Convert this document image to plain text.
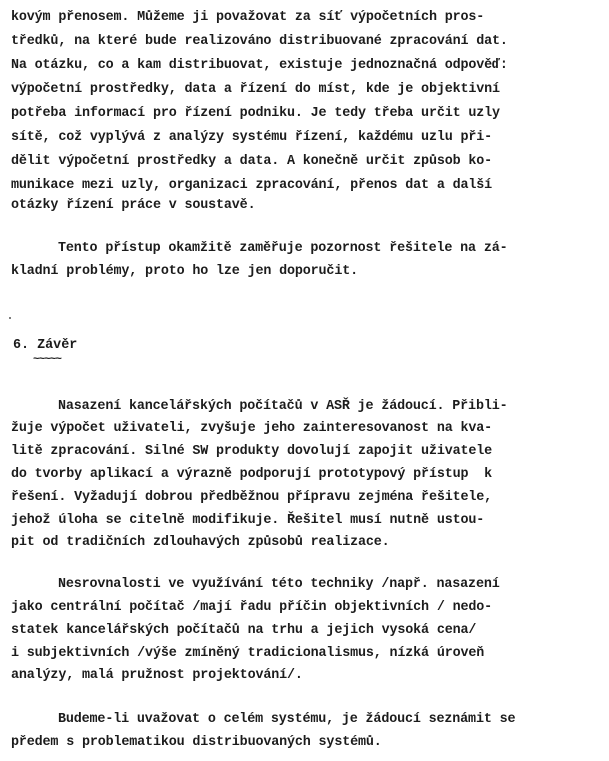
kovým přenosem. Můžeme ji považovat za síť výpočetních pros-
tředků, na které bude realizováno distribuované zpracování dat.
Na otázku, co a kam distribuovat, existuje jednoznačná odpověď:
výpočetní prostředky, data a řízení do míst, kde je objektivní
potřeba informací pro řízení podniku. Je tedy třeba určit uzly
sítě, což vyplývá z analýzy systému řízení, každému uzlu při-
dělit výpočetní prostředky a data. A konečně určit způsob ko-
munikace mezi uzly, organizaci zpracování, přenos dat a další
otázky řízení práce v soustavě.
Tento přístup okamžitě zaměřuje pozornost řešitele na zá-
kladní problémy, proto ho lze jen doporučit.
6. Závěr
~~~~~
Nasazení kancelářských počítačů v ASŘ je žádoucí. Přibli-
žuje výpočet uživateli, zvyšuje jeho zainteresovanost na kva-
litě zpracování. Silné SW produkty dovolují zapojit uživatele
do tvorby aplikací a výrazně podporují prototypový přístup  k
řešení. Vyžadují dobrou předběžnou přípravu zejména řešitele,
jehož úloha se citelně modifikuje. Řešitel musí nutně ustou-
pit od tradičních zdlouhavých způsobů realizace.
Nesrovnalosti ve využívání této techniky /např. nasazení
jako centrální počítač /mají řadu příčin objektivních / nedo-
statek kancelářských počítačů na trhu a jejich vysoká cena/
i subjektivních /výše zmíněný tradicionalismus, nízká úroveň
analýzy, malá pružnost projektování/.
Budeme-li uvažovat o celém systému, je žádoucí seznámit se
předem s problematikou distribuovaných systémů.
